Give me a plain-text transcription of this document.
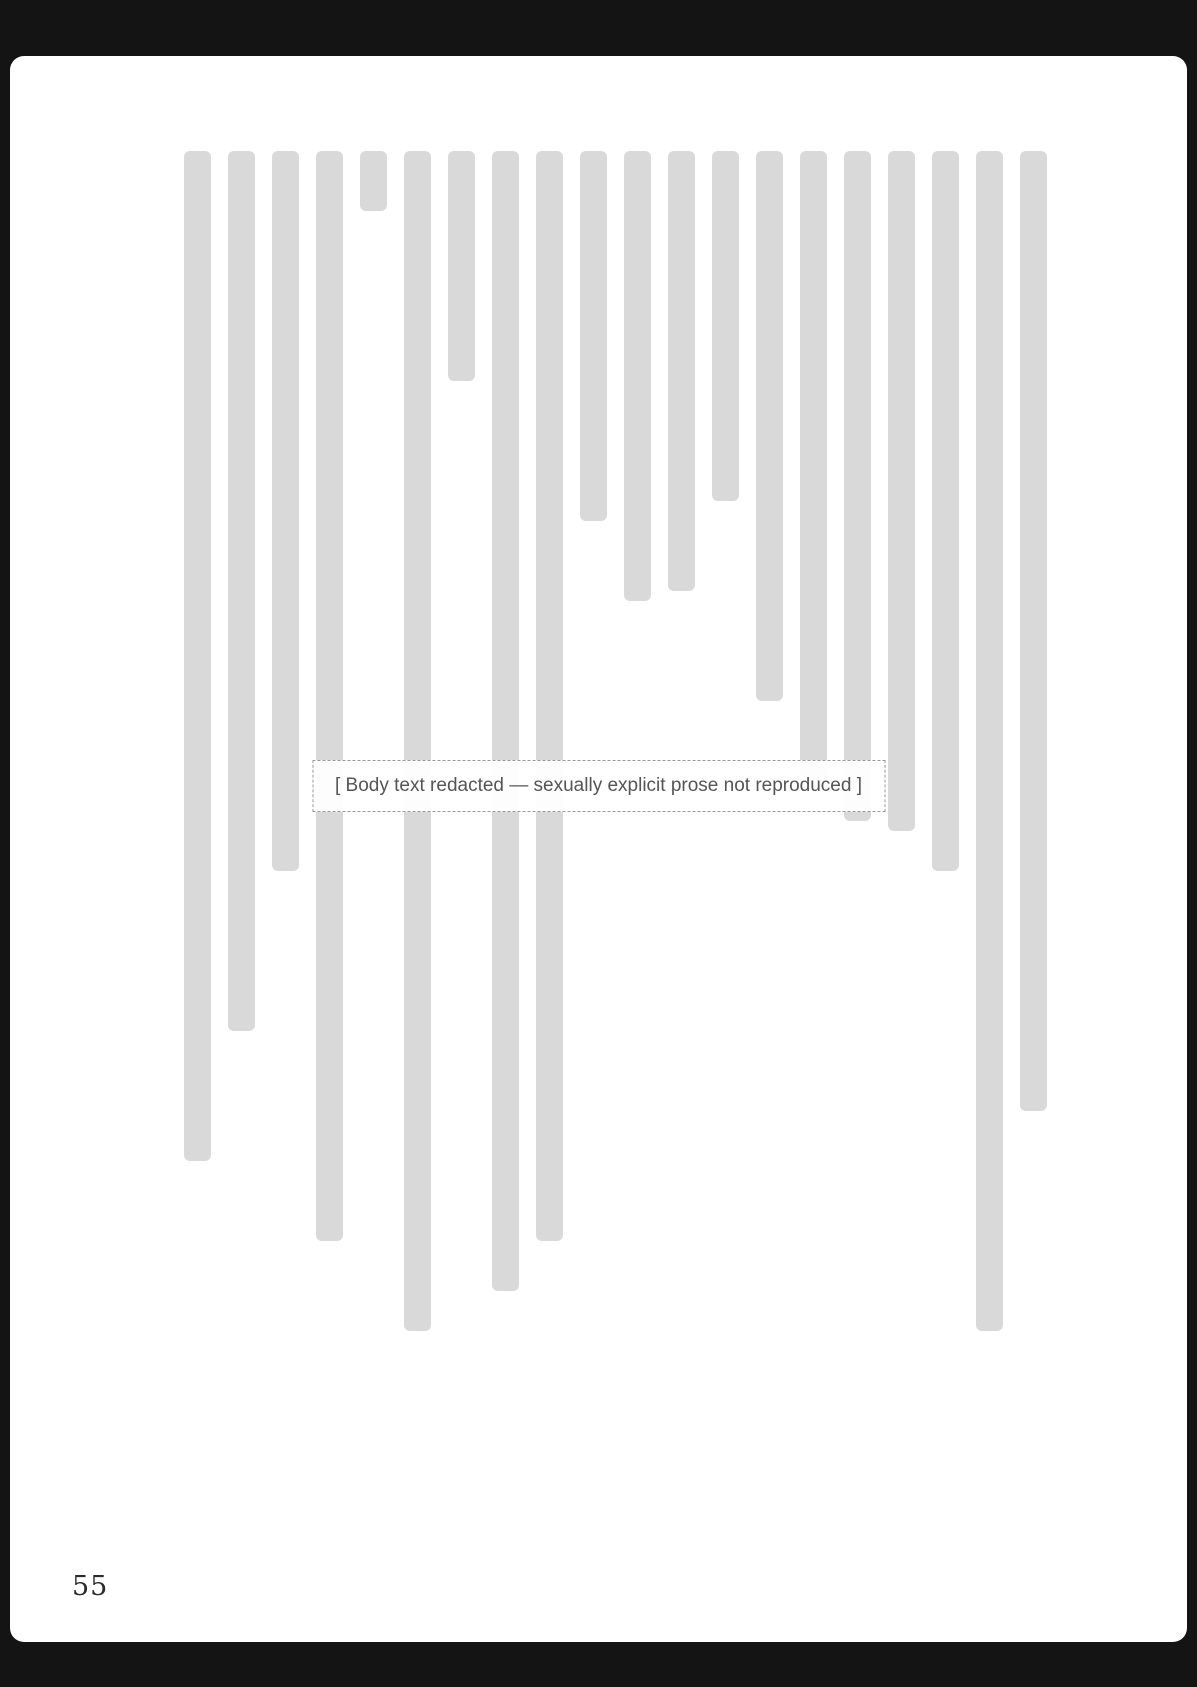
[ Body text redacted — sexually explicit prose not reproduced ]
55
